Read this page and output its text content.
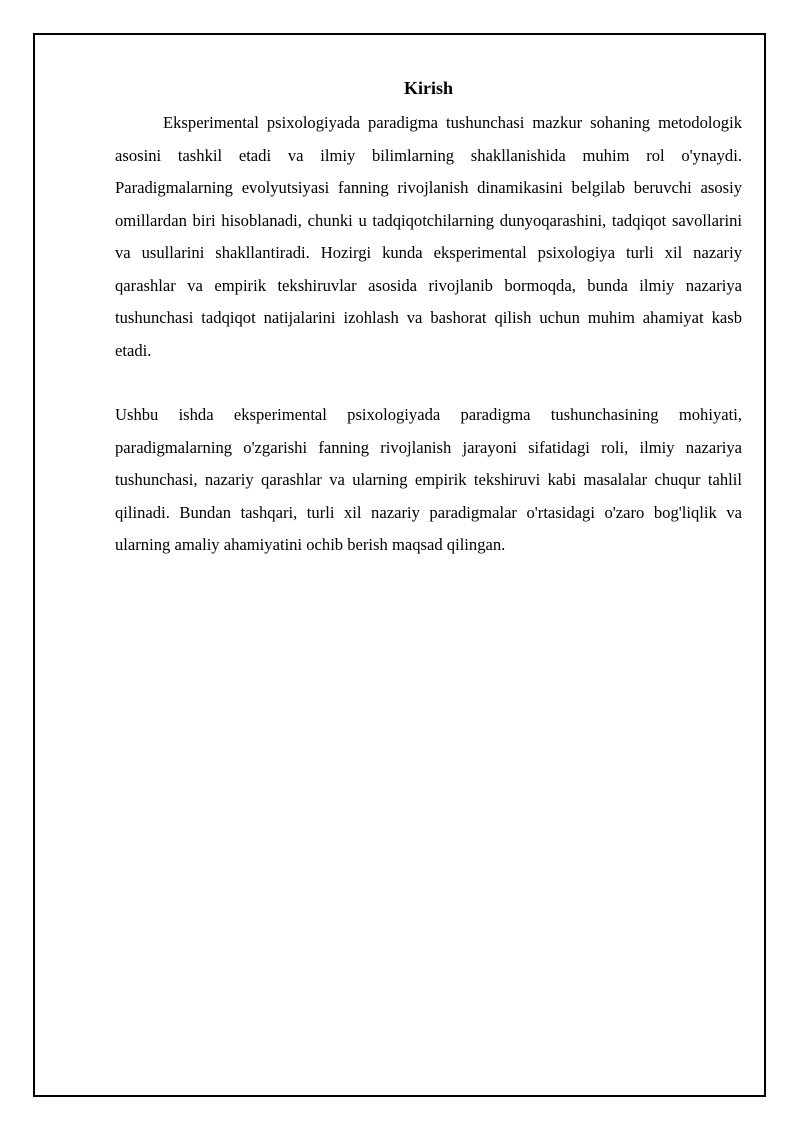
Kirish

Eksperimental psixologiyada paradigma tushunchasi mazkur sohaning metodologik asosini tashkil etadi va ilmiy bilimlarning shakllanishida muhim rol o'ynaydi. Paradigmalarning evolyutsiyasi fanning rivojlanish dinamikasini belgilab beruvchi asosiy omillardan biri hisoblanadi, chunki u tadqiqotchilarning dunyoqarashini, tadqiqot savollarini va usullarini shakllantiradi. Hozirgi kunda eksperimental psixologiya turli xil nazariy qarashlar va empirik tekshiruvlar asosida rivojlanib bormoqda, bunda ilmiy nazariya tushunchasi tadqiqot natijalarini izohlash va bashorat qilish uchun muhim ahamiyat kasb etadi.

Ushbu ishda eksperimental psixologiyada paradigma tushunchasining mohiyati, paradigmalarning o'zgarishi fanning rivojlanish jarayoni sifatidagi roli, ilmiy nazariya tushunchasi, nazariy qarashlar va ularning empirik tekshiruvi kabi masalalar chuqur tahlil qilinadi. Bundan tashqari, turli xil nazariy paradigmalar o'rtasidagi o'zaro bog'liqlik va ularning amaliy ahamiyatini ochib berish maqsad qilingan.
